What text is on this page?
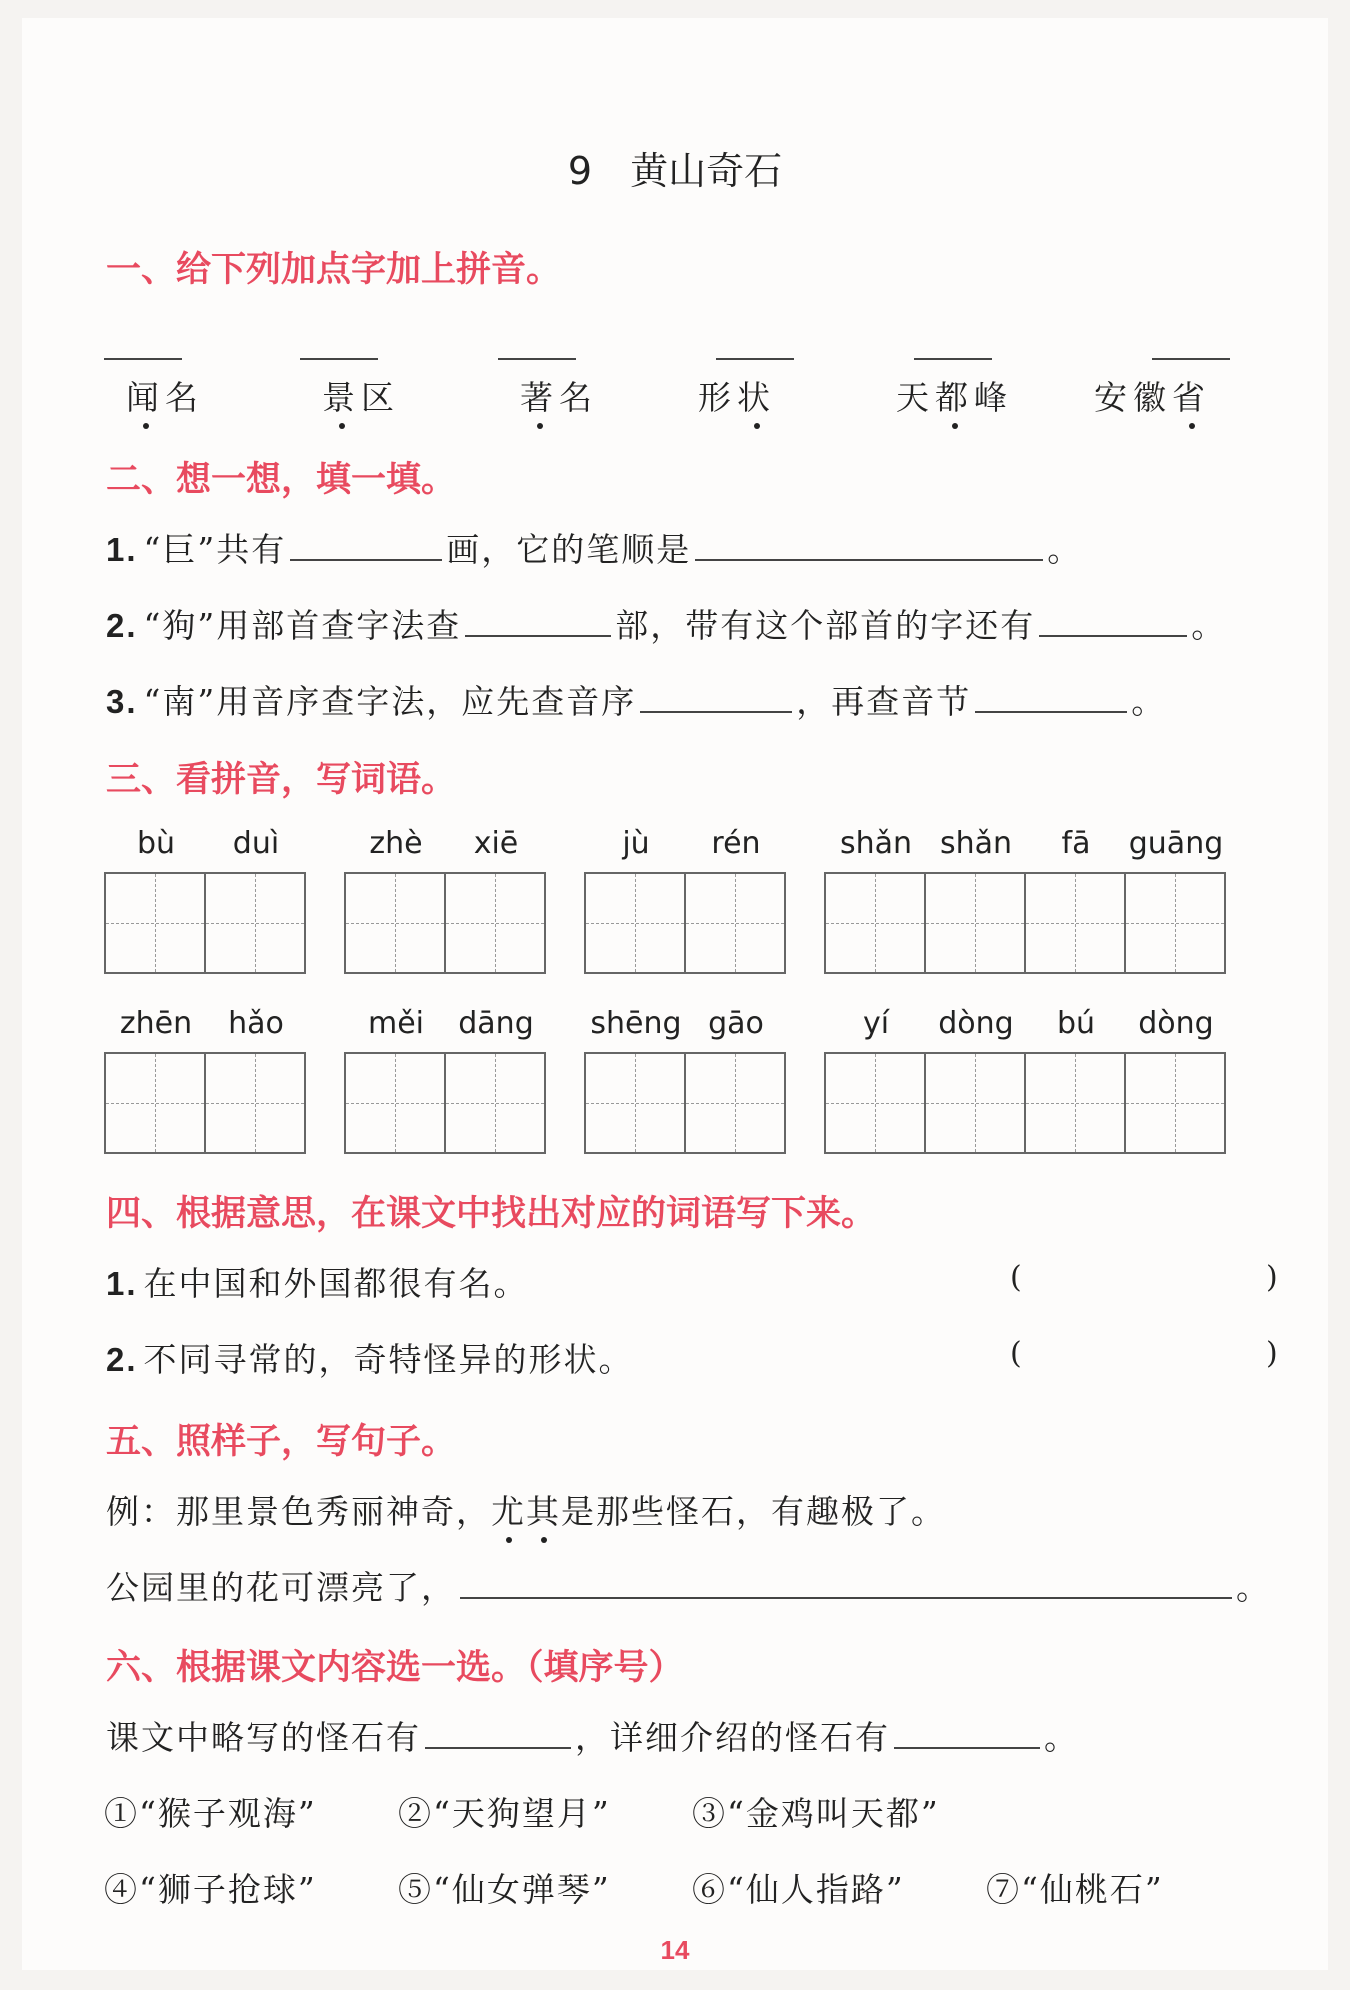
9 黄山奇石
一、给下列加点字加上拼音。
闻名	景区	著名	形状	天都峰 安徽省
二、想一想，填一填。
1. “巨”共有	画，它的笔顺是	。
2. “狗”用部首查字法查	部，带有这个部首的字还有	。
3. “南”用音序查字法，应先查音序	，再查音节	。
三、看拼音，写词语。
bù	duì	zhè	xiē	jù	rén	shǎn shǎn	fā	guāng
zhēn	hǎo	měi	dāng	shēng gāo	yí	dòng	bú	dòng
四、根据意思，在课文中找出对应的词语写下来。
1. 在中国和外国都很有名。	(	)
2. 不同寻常的，奇特怪异的形状。	(	)
五、照样子，写句子。
例：那里景色秀丽神奇，尤其是那些怪石，有趣极了。
公园里的花可漂亮了，	。
六、根据课文内容选一选。（填序号）
课文中略写的怪石有	，详细介绍的怪石有	。
①“猴子观海” ②“天狗望月” ③“金鸡叫天都”
④“狮子抢球” ⑤“仙女弹琴” ⑥“仙人指路” ⑦“仙桃石”
14
